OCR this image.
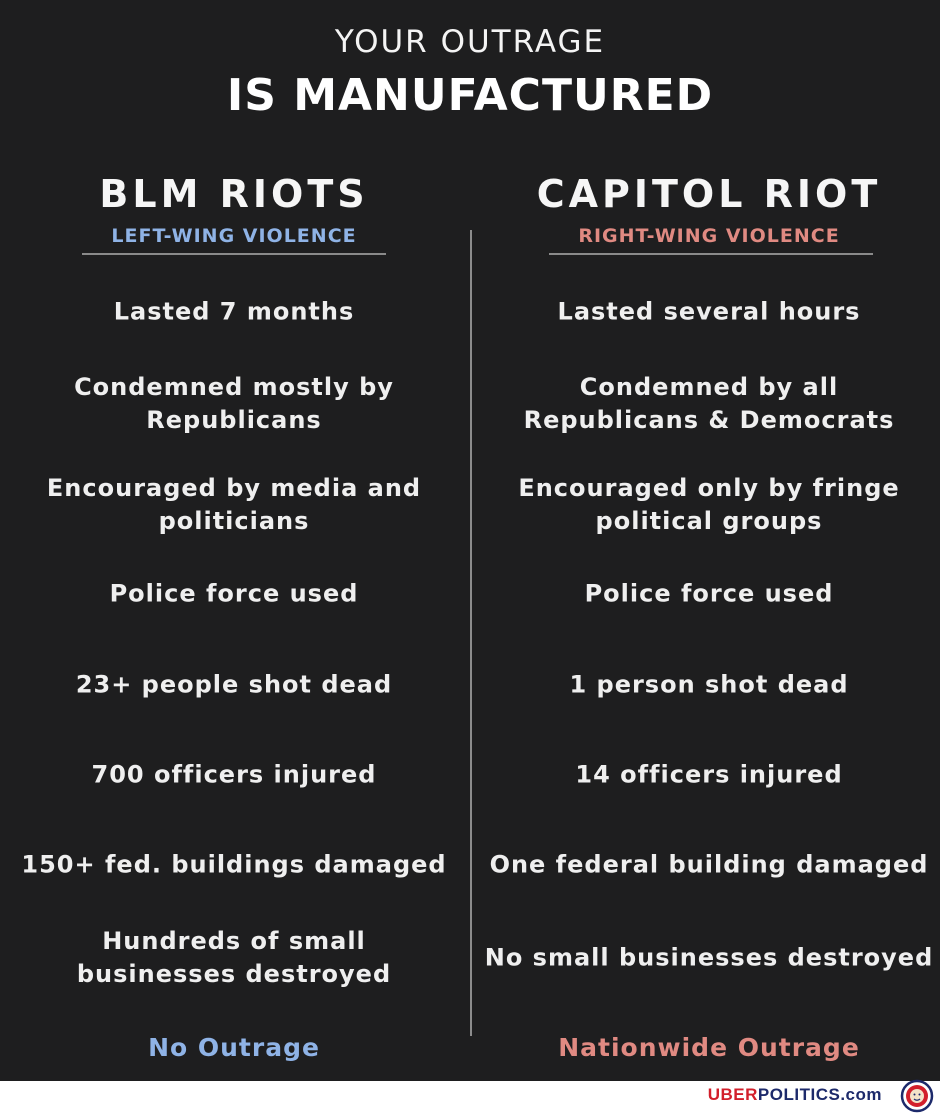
YOUR OUTRAGE
IS MANUFACTURED
BLM RIOTS
LEFT-WING VIOLENCE
Lasted 7 months
Condemned mostly by
Republicans
Encouraged by media and
politicians
Police force used
23+ people shot dead
700 officers injured
150+ fed. buildings damaged
Hundreds of small
businesses destroyed
No Outrage
CAPITOL RIOT
RIGHT-WING VIOLENCE
Lasted several hours
Condemned by all
Republicans & Democrats
Encouraged only by fringe
political groups
Police force used
1 person shot dead
14 officers injured
One federal building damaged
No small businesses destroyed
Nationwide Outrage
UBERPOLITICS.com
